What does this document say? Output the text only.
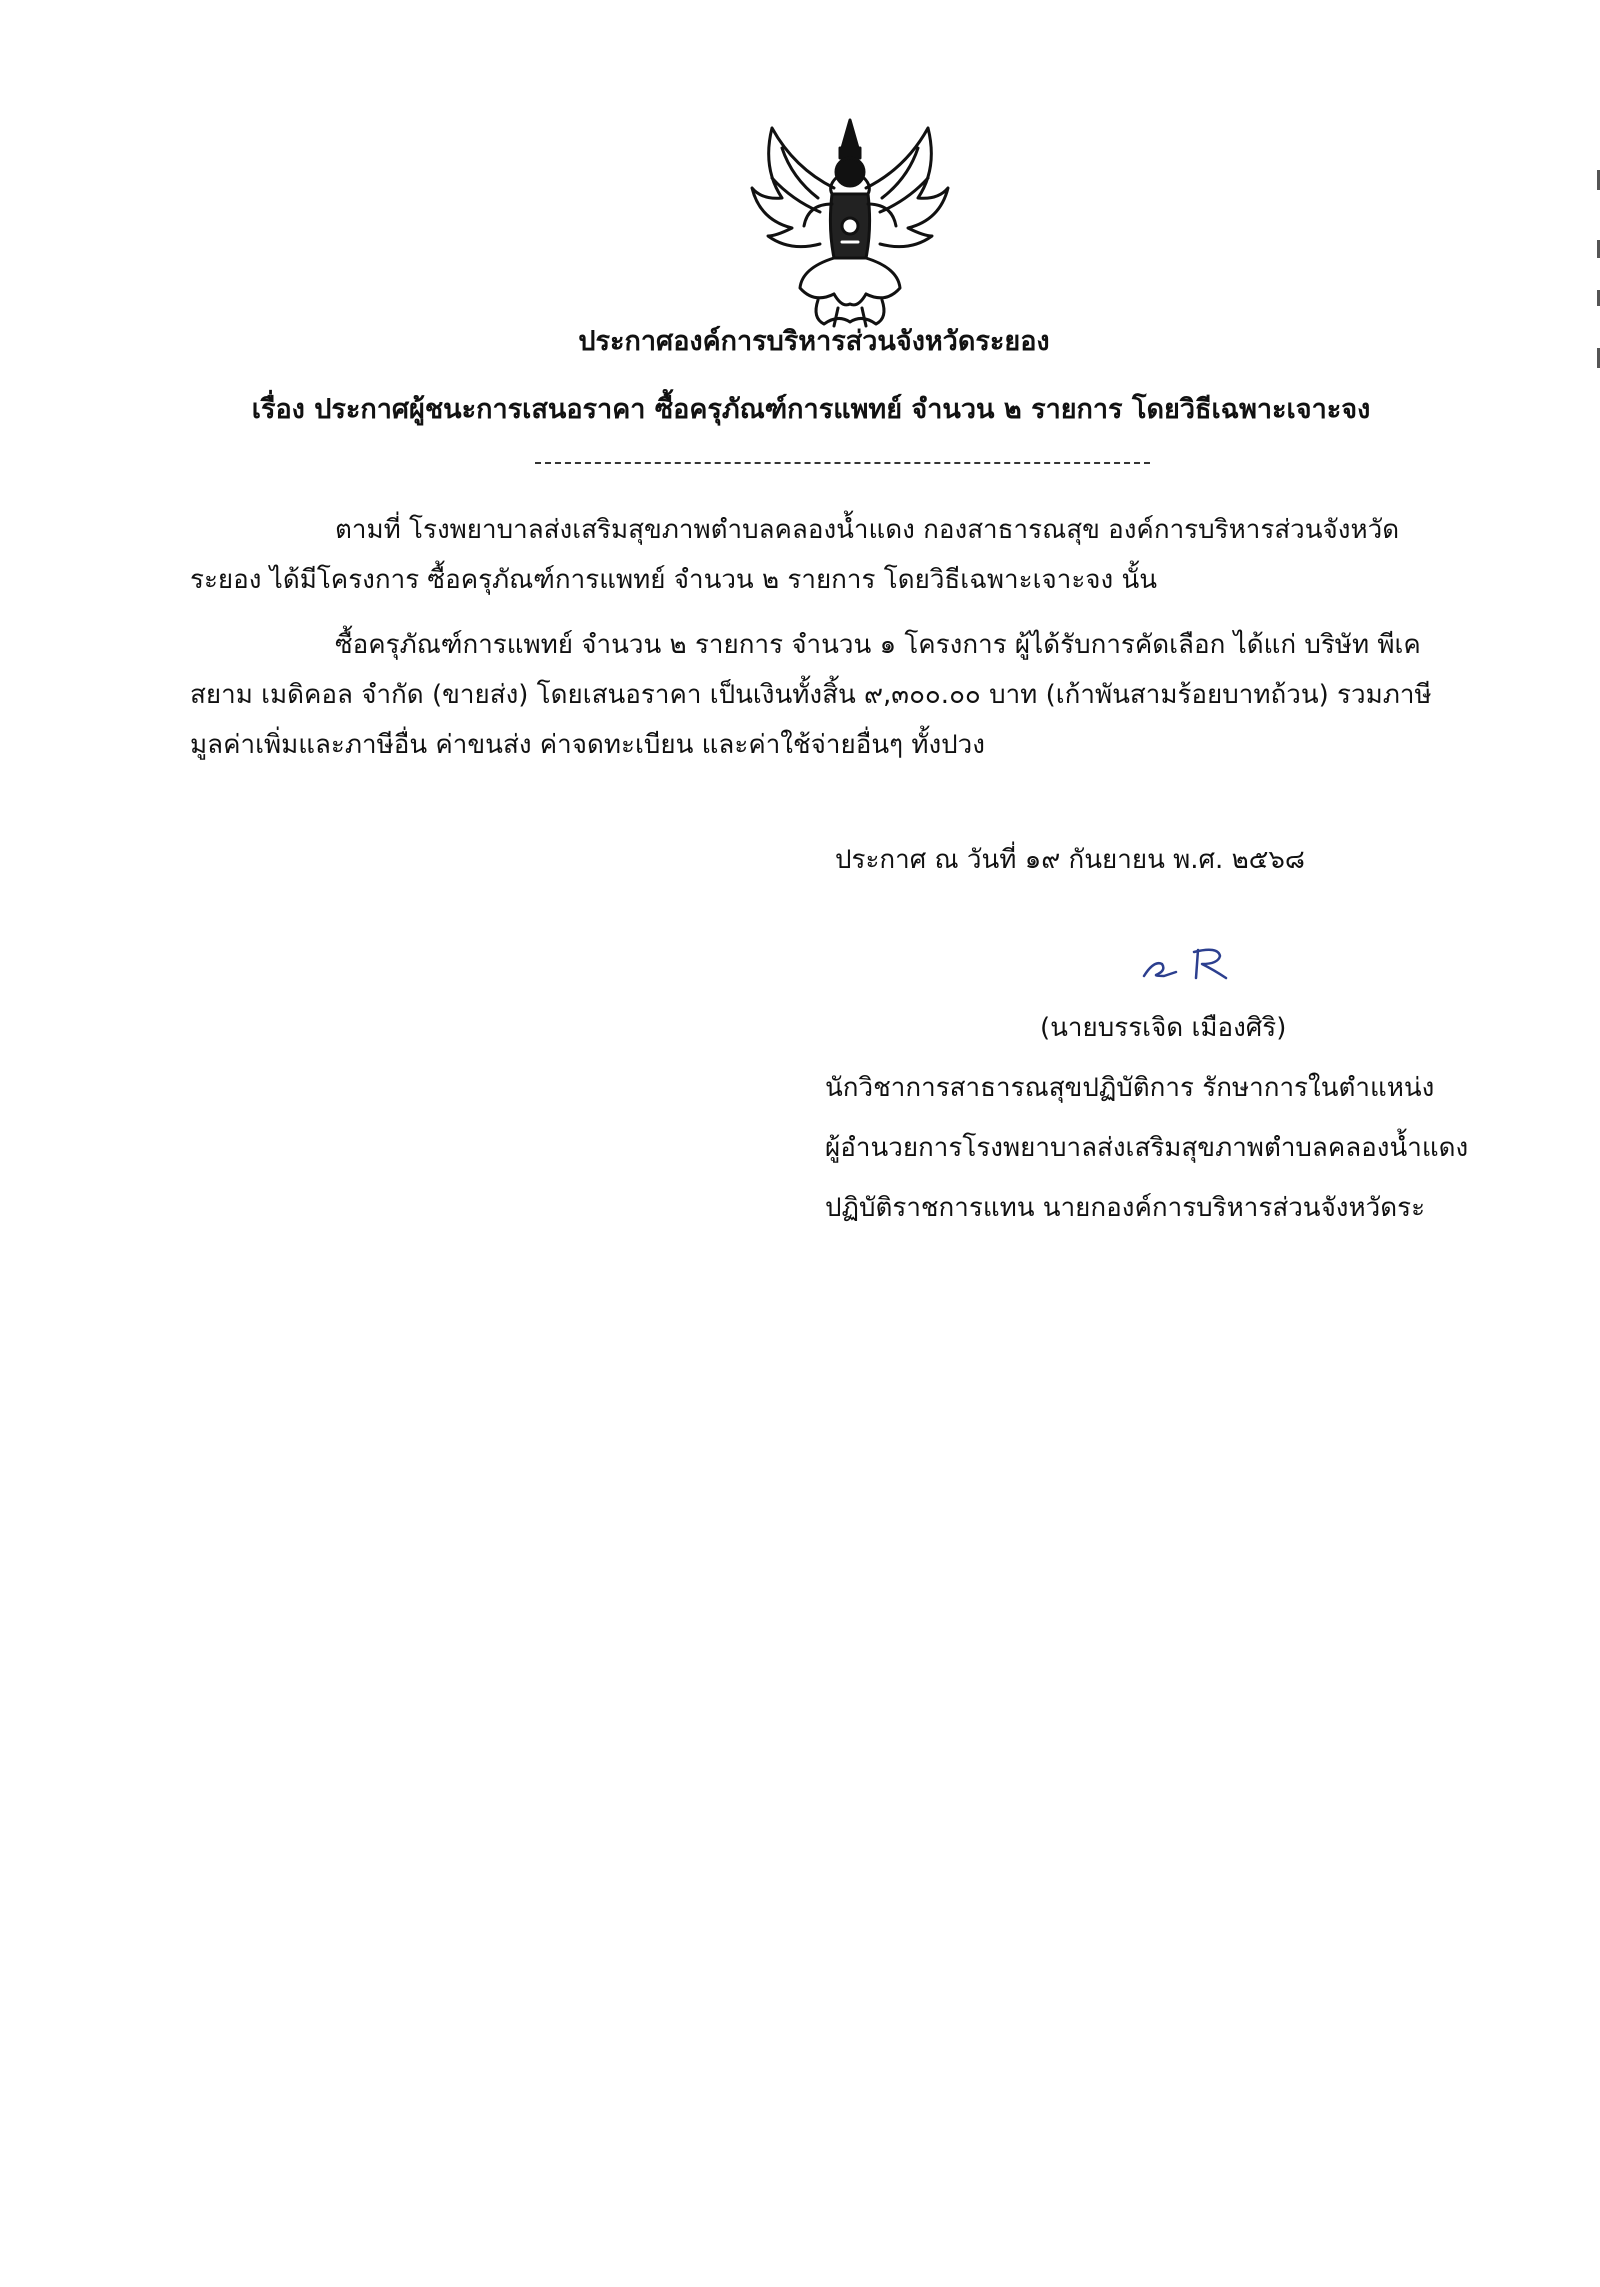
ประกาศองค์การบริหารส่วนจังหวัดระยอง
เรื่อง ประกาศผู้ชนะการเสนอราคา ซื้อครุภัณฑ์การแพทย์ จำนวน ๒ รายการ โดยวิธีเฉพาะเจาะจง
ตามที่ โรงพยาบาลส่งเสริมสุขภาพตำบลคลองน้ำแดง กองสาธารณสุข องค์การบริหารส่วนจังหวัด
ระยอง ได้มีโครงการ ซื้อครุภัณฑ์การแพทย์ จำนวน ๒ รายการ โดยวิธีเฉพาะเจาะจง นั้น
ซื้อครุภัณฑ์การแพทย์ จำนวน ๒ รายการ จำนวน ๑ โครงการ ผู้ได้รับการคัดเลือก ได้แก่ บริษัท พีเค
สยาม เมดิคอล จำกัด (ขายส่ง) โดยเสนอราคา เป็นเงินทั้งสิ้น ๙,๓๐๐.๐๐ บาท (เก้าพันสามร้อยบาทถ้วน) รวมภาษี
มูลค่าเพิ่มและภาษีอื่น ค่าขนส่ง ค่าจดทะเบียน และค่าใช้จ่ายอื่นๆ ทั้งปวง
ประกาศ ณ วันที่ ๑๙ กันยายน พ.ศ. ๒๕๖๘
(นายบรรเจิด เมืองศิริ)
นักวิชาการสาธารณสุขปฏิบัติการ รักษาการในตำแหน่ง
ผู้อำนวยการโรงพยาบาลส่งเสริมสุขภาพตำบลคลองน้ำแดง
ปฏิบัติราชการแทน นายกองค์การบริหารส่วนจังหวัดระ
